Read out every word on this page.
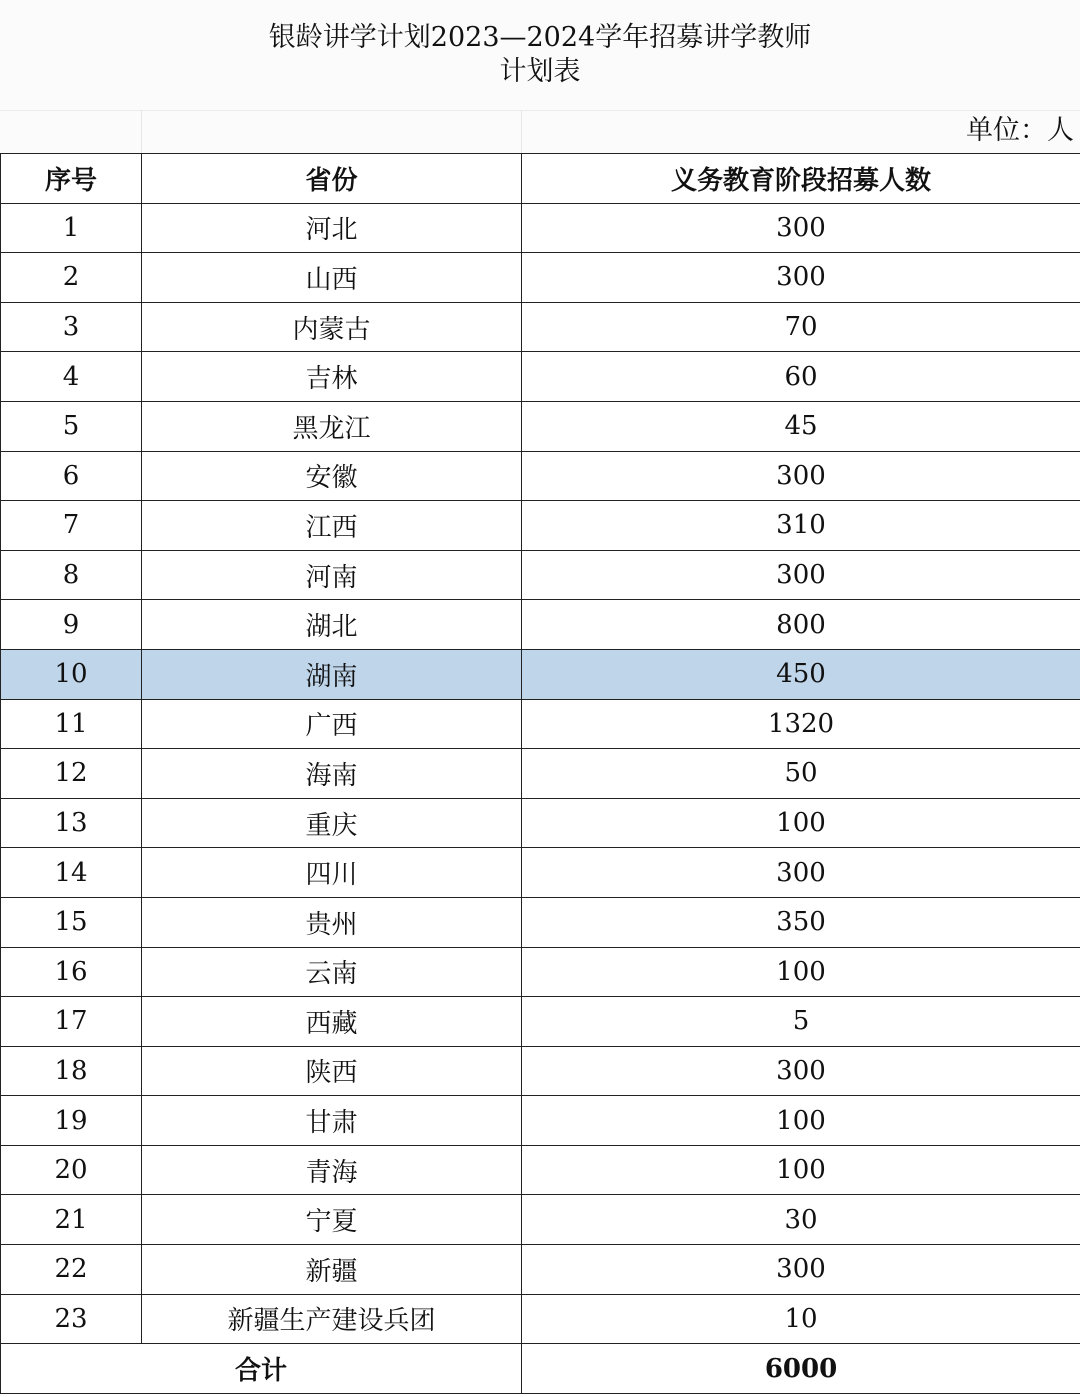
银龄讲学计划2023—2024学年招募讲学教师
计划表
单位：人
序号	省份	义务教育阶段招募人数
1	河北	300
2	山西	300
3	内蒙古	70
4	吉林	60
5	黑龙江	45
6	安徽	300
7	江西	310
8	河南	300
9	湖北	800
10	湖南	450
11	广西	1320
12	海南	50
13	重庆	100
14	四川	300
15	贵州	350
16	云南	100
17	西藏	5
18	陕西	300
19	甘肃	100
20	青海	100
21	宁夏	30
22	新疆	300
23	新疆生产建设兵团	10
合计		6000
